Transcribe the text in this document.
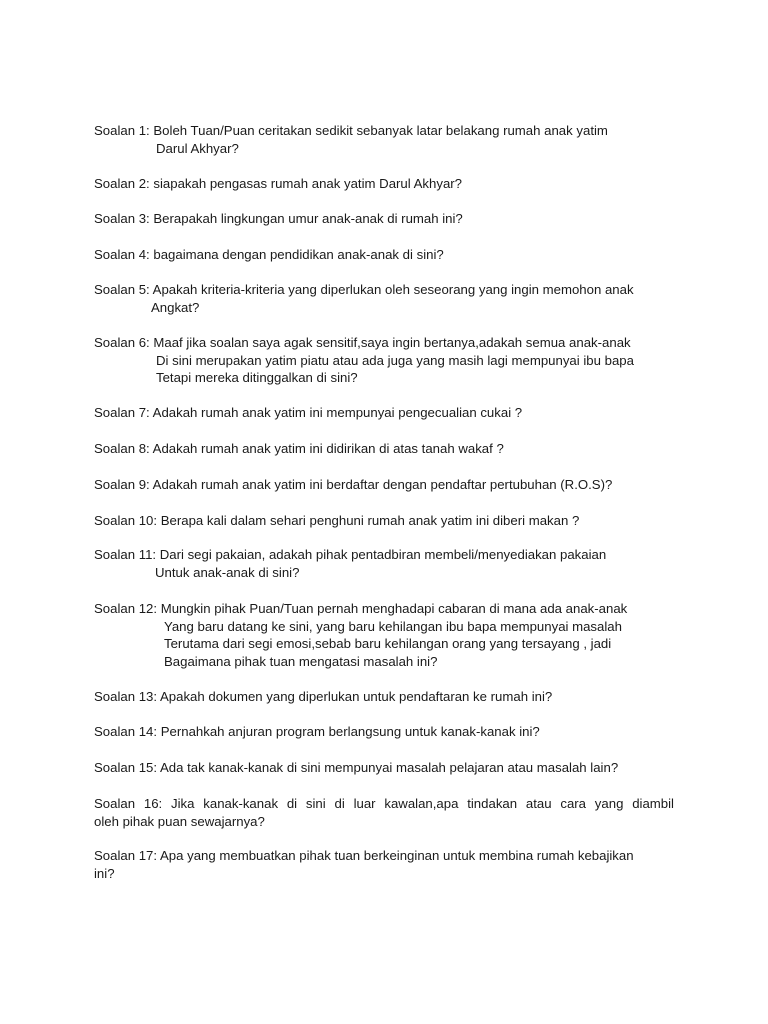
Soalan 1: Boleh Tuan/Puan ceritakan sedikit sebanyak latar belakang rumah anak yatim
Darul Akhyar?
Soalan 2: siapakah pengasas rumah anak yatim Darul Akhyar?
Soalan 3: Berapakah lingkungan umur anak-anak di rumah ini?
Soalan 4: bagaimana dengan pendidikan anak-anak di sini?
Soalan 5: Apakah kriteria-kriteria yang diperlukan oleh seseorang yang ingin memohon anak
Angkat?
Soalan 6: Maaf jika soalan saya agak sensitif,saya ingin bertanya,adakah semua anak-anak
Di sini merupakan yatim piatu atau ada juga yang masih lagi mempunyai ibu bapa
Tetapi mereka ditinggalkan di sini?
Soalan 7: Adakah rumah anak yatim ini mempunyai pengecualian cukai ?
Soalan 8: Adakah rumah anak yatim ini didirikan di atas tanah wakaf ?
Soalan 9: Adakah rumah anak yatim ini berdaftar dengan pendaftar pertubuhan (R.O.S)?
Soalan 10: Berapa kali dalam sehari penghuni rumah anak yatim ini diberi makan ?
Soalan 11: Dari segi pakaian, adakah pihak pentadbiran membeli/menyediakan pakaian
Untuk anak-anak di sini?
Soalan 12: Mungkin pihak Puan/Tuan pernah menghadapi cabaran di mana ada anak-anak
Yang baru datang ke sini, yang baru kehilangan ibu bapa mempunyai masalah
Terutama dari segi emosi,sebab baru kehilangan orang yang tersayang , jadi
Bagaimana pihak tuan mengatasi masalah ini?
Soalan 13: Apakah dokumen yang diperlukan untuk pendaftaran ke rumah ini?
Soalan 14: Pernahkah anjuran program berlangsung untuk kanak-kanak ini?
Soalan 15: Ada tak kanak-kanak di sini mempunyai masalah pelajaran atau masalah lain?
Soalan 16: Jika kanak-kanak di sini di luar kawalan,apa tindakan atau cara yang diambil
oleh pihak puan sewajarnya?
Soalan 17: Apa yang membuatkan pihak tuan berkeinginan untuk membina rumah kebajikan
ini?
